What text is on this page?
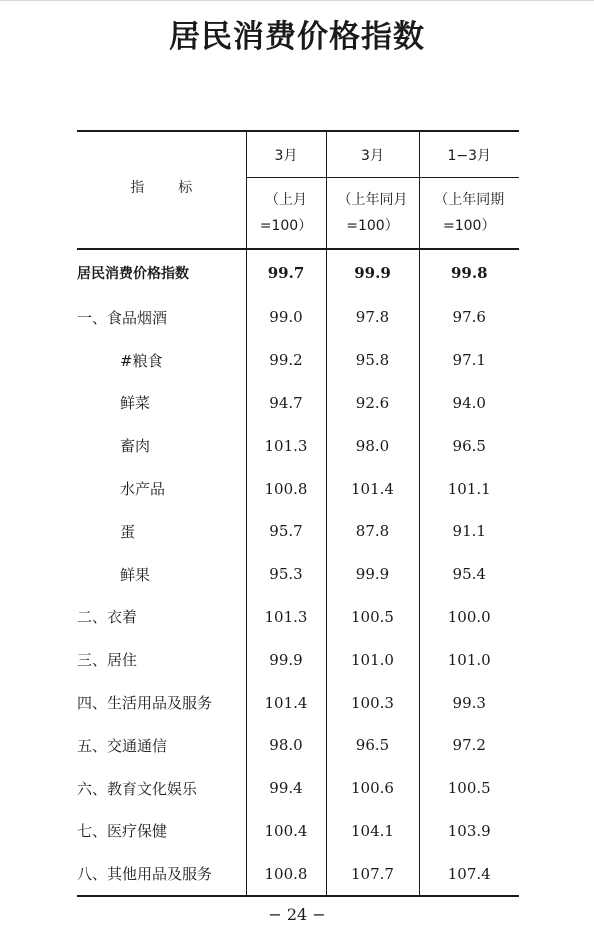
居民消费价格指数
指 标	3月	3月	1−3月
	（上月
=100）	（上年同月
=100）	（上年同期
=100）
居民消费价格指数	99.7	99.9	99.8
一、食品烟酒	99.0	97.8	97.6
#粮食	99.2	95.8	97.1
鲜菜	94.7	92.6	94.0
畜肉	101.3	98.0	96.5
水产品	100.8	101.4	101.1
蛋	95.7	87.8	91.1
鲜果	95.3	99.9	95.4
二、衣着	101.3	100.5	100.0
三、居住	99.9	101.0	101.0
四、生活用品及服务	101.4	100.3	99.3
五、交通通信	98.0	96.5	97.2
六、教育文化娱乐	99.4	100.6	100.5
七、医疗保健	100.4	104.1	103.9
八、其他用品及服务	100.8	107.7	107.4
− 24 −
